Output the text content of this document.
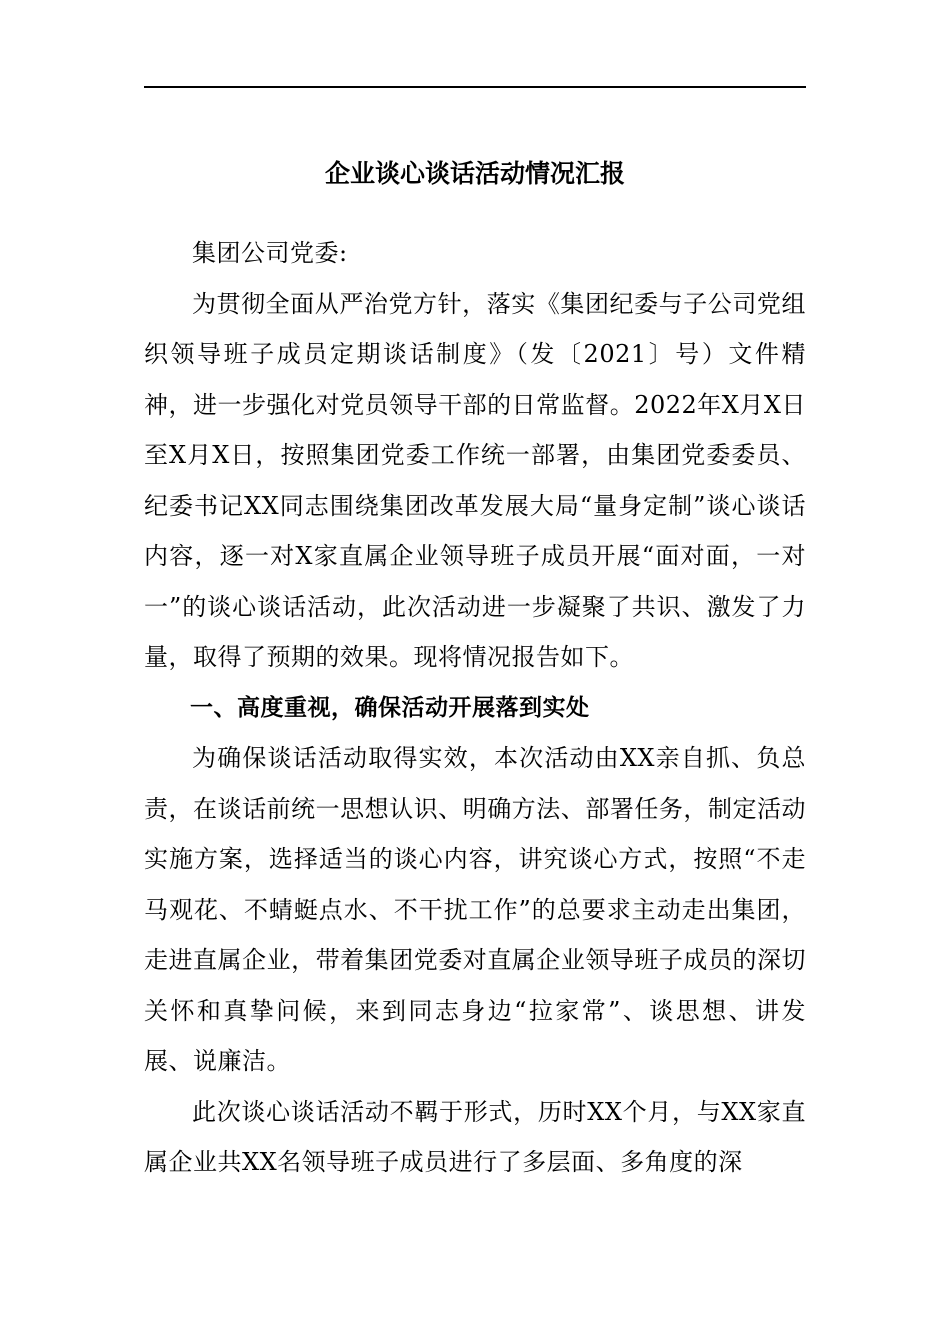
企业谈心谈话活动情况汇报

集团公司党委:

为贯彻全面从严治党方针，落实《集团纪委与子公司党组织领导班子成员定期谈话制度》（发〔2021〕号）文件精神，进一步强化对党员领导干部的日常监督。2022年X月X日至X月X日，按照集团党委工作统一部署，由集团党委委员、纪委书记XX同志围绕集团改革发展大局“量身定制”谈心谈话内容，逐一对X家直属企业领导班子成员开展“面对面，一对一”的谈心谈话活动，此次活动进一步凝聚了共识、激发了力量，取得了预期的效果。现将情况报告如下。

一、高度重视，确保活动开展落到实处

为确保谈话活动取得实效，本次活动由XX亲自抓、负总责，在谈话前统一思想认识、明确方法、部署任务，制定活动实施方案，选择适当的谈心内容，讲究谈心方式，按照“不走马观花、不蜻蜓点水、不干扰工作”的总要求主动走出集团，走进直属企业，带着集团党委对直属企业领导班子成员的深切关怀和真挚问候，来到同志身边“拉家常”、谈思想、讲发展、说廉洁。

此次谈心谈话活动不羁于形式，历时XX个月，与XX家直属企业共XX名领导班子成员进行了多层面、多角度的深
